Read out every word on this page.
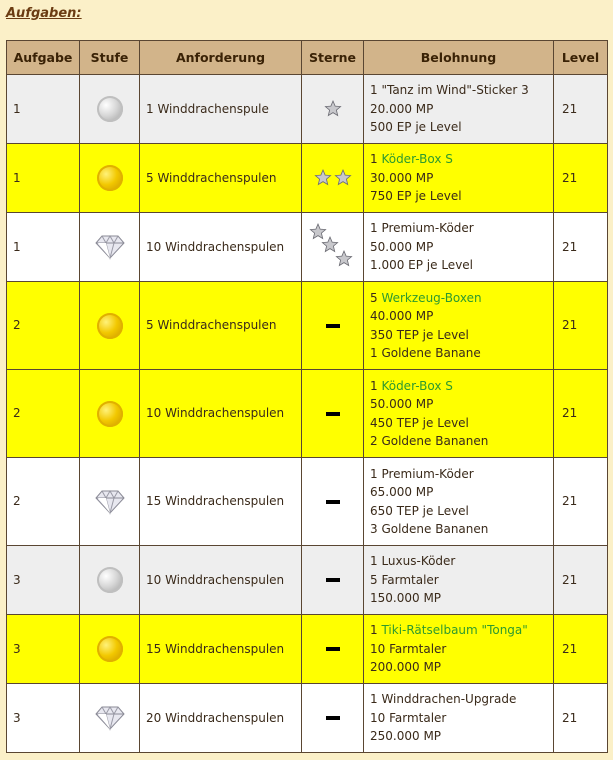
Aufgaben:
Aufgabe	Stufe	Anforderung	Sterne	Belohnung	Level
1		1 Winddrachenspule		1 "Tanz im Wind"-Sticker 3
20.000 MP
500 EP je Level	21
1		5 Winddrachenspulen		1 Köder-Box S
30.000 MP
750 EP je Level	21
1		10 Winddrachenspulen		1 Premium-Köder
50.000 MP
1.000 EP je Level	21
2		5 Winddrachenspulen		5 Werkzeug-Boxen
40.000 MP
350 TEP je Level
1 Goldene Banane	21
2		10 Winddrachenspulen		1 Köder-Box S
50.000 MP
450 TEP je Level
2 Goldene Bananen	21
2		15 Winddrachenspulen		1 Premium-Köder
65.000 MP
650 TEP je Level
3 Goldene Bananen	21
3		10 Winddrachenspulen		1 Luxus-Köder
5 Farmtaler
150.000 MP	21
3		15 Winddrachenspulen		1 Tiki-Rätselbaum "Tonga"
10 Farmtaler
200.000 MP	21
3		20 Winddrachenspulen		1 Winddrachen-Upgrade
10 Farmtaler
250.000 MP	21
